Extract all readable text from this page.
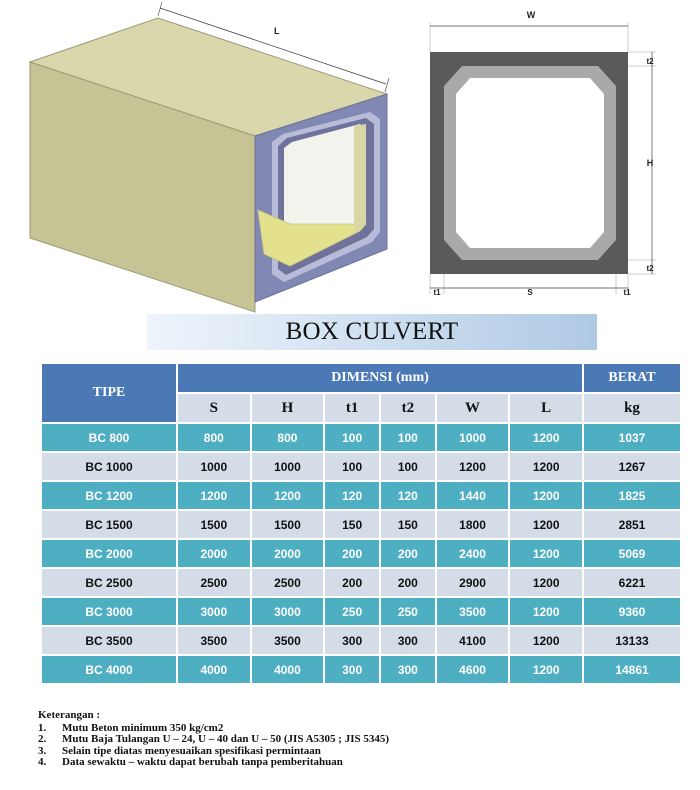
L
W
t2
H
t2
t1	S	t1
BOX CULVERT
TIPE	DIMENSI (mm)						BERAT
	S	H	t1	t2	W	L	kg
BC 800	800	800	100	100	1000	1200	1037
BC 1000	1000	1000	100	100	1200	1200	1267
BC 1200	1200	1200	120	120	1440	1200	1825
BC 1500	1500	1500	150	150	1800	1200	2851
BC 2000	2000	2000	200	200	2400	1200	5069
BC 2500	2500	2500	200	200	2900	1200	6221
BC 3000	3000	3000	250	250	3500	1200	9360
BC 3500	3500	3500	300	300	4100	1200	13133
BC 4000	4000	4000	300	300	4600	1200	14861
Keterangan :
1.	Mutu Beton minimum 350 kg/cm2
2.	Mutu Baja Tulangan U – 24, U – 40 dan U – 50 (JIS A5305 ; JIS 5345)
3.	Selain tipe diatas menyesuaikan spesifikasi permintaan
4.	Data sewaktu – waktu dapat berubah tanpa pemberitahuan
